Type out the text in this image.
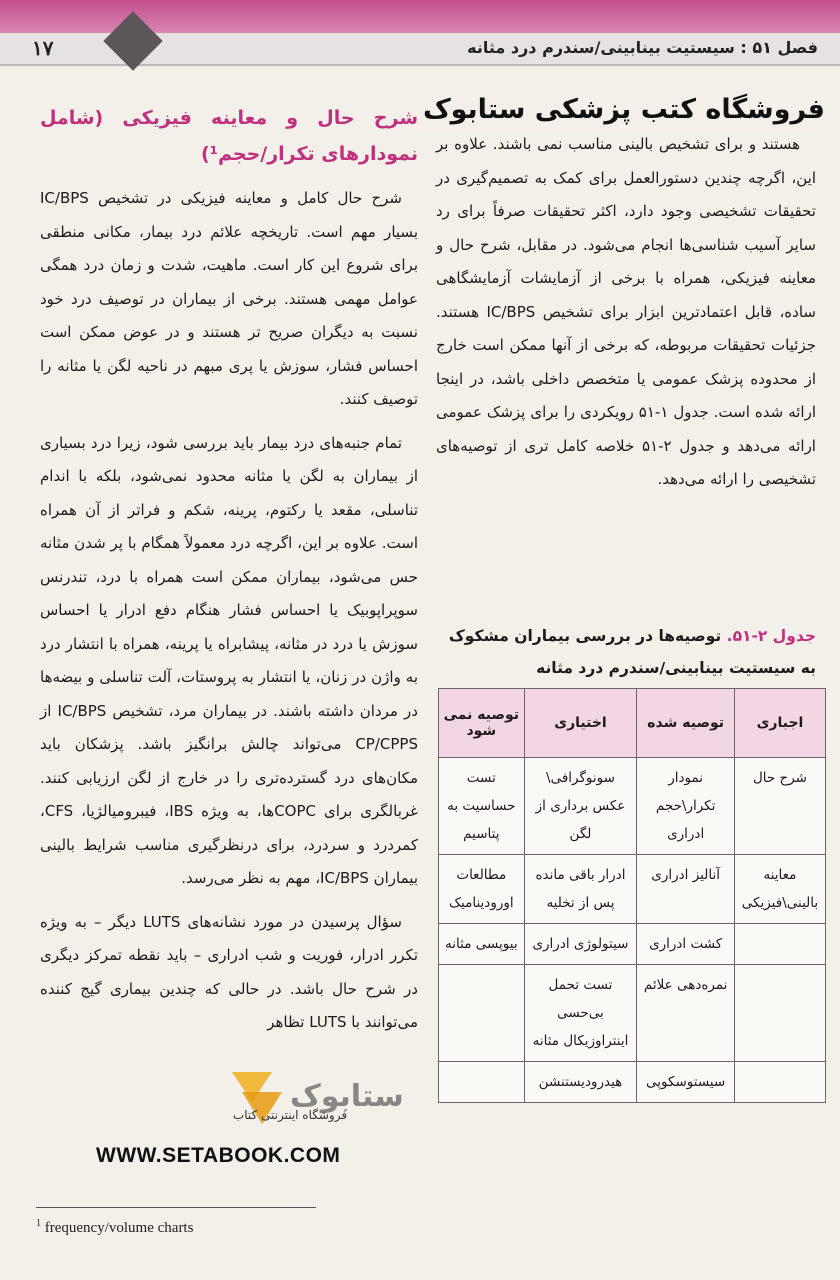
۱۷	فصل ۵۱ : سیستیت بینابینی/سندرم درد مثانه

هستند و برای تشخیص بالینی مناسب نمی باشند. علاوه بر این، اگرچه چندین دستورالعمل برای کمک به تصمیم‌گیری در تحقیقات تشخیصی وجود دارد، اکثر تحقیقات صرفاً برای رد سایر آسیب شناسی‌ها انجام می‌شود. در مقابل، شرح حال و معاینه فیزیکی، همراه با برخی از آزمایشات آزمایشگاهی ساده، قابل اعتمادترین ابزار برای تشخیص IC/BPS هستند. جزئیات تحقیقات مربوطه، که برخی از آنها ممکن است خارج از محدوده پزشک عمومی یا متخصص داخلی باشد، در اینجا ارائه شده است. جدول ۱-۵۱ رویکردی را برای پزشک عمومی ارائه می‌دهد و جدول ۲-۵۱ خلاصه کامل تری از توصیه‌های تشخیصی را ارائه می‌دهد.

فروشگاه کتب پزشکی ستابوک
جدول ۲-۵۱. توصیه‌ها در بررسی بیماران مشکوک به سیستیت بینابینی/سندرم درد مثانه
اجباری	توصیه شده	اختیاری	توصیه نمی شود
شرح حال	نمودار تکرار\حجم ادراری	سونوگرافی\ عکس برداری از لگن	تست حساسیت به پتاسیم
معاینه بالینی\فیزیکی	آنالیز ادراری	ادرار باقی مانده پس از تخلیه	مطالعات اورودینامیک
	کشت ادراری	سیتولوژی ادراری	بیوپسی مثانه
	نمره‌دهی علائم	تست تحمل بی‌حسی اینتراوزیکال مثانه	
	سیستوسکوپی	هیدرودیستنشن	

شرح حال و معاینه فیزیکی (شامل نمودارهای تکرار/حجم¹)

شرح حال کامل و معاینه فیزیکی در تشخیص IC/BPS بسیار مهم است. تاریخچه علائم درد بیمار، مکانی منطقی برای شروع این کار است. ماهیت، شدت و زمان درد همگی عوامل مهمی هستند. برخی از بیماران در توصیف درد خود نسبت به دیگران صریح تر هستند و در عوض ممکن است احساس فشار، سوزش یا پری مبهم در ناحیه لگن یا مثانه را توصیف کنند.

تمام جنبه‌های درد بیمار باید بررسی شود، زیرا درد بسیاری از بیماران به لگن یا مثانه محدود نمی‌شود، بلکه با اندام تناسلی، مقعد یا رکتوم، پرینه، شکم و فراتر از آن همراه است. علاوه بر این، اگرچه درد معمولاً همگام با پر شدن مثانه حس می‌شود، بیماران ممکن است همراه با درد، تندرنس سوپراپوبیک یا احساس فشار هنگام دفع ادرار یا احساس سوزش یا درد در مثانه، پیشابراه یا پرینه، همراه با انتشار درد به واژن در زنان، یا انتشار به پروستات، آلت تناسلی و بیضه‌ها در مردان داشته باشند. در بیماران مرد، تشخیص IC/BPS از CP/CPPS می‌تواند چالش برانگیز باشد. پزشکان باید مکان‌های درد گسترده‌تری را در خارج از لگن ارزیابی کنند. غربالگری برای COPCها، به ویژه IBS، فیبرومیالژیا، CFS، کمردرد و سردرد، برای درنظرگیری مناسب شرایط بالینی بیماران IC/BPS، مهم به نظر می‌رسد.

سؤال پرسیدن در مورد نشانه‌های LUTS دیگر – به ویژه تکرر ادرار، فوریت و شب ادراری – باید نقطه تمرکز دیگری در شرح حال باشد. در حالی که چندین بیماری گیج کننده می‌توانند با LUTS تظاهر

ستابوک
فروشگاه اینترنتی کتاب
WWW.SETABOOK.COM
$^1$ frequency/volume charts
